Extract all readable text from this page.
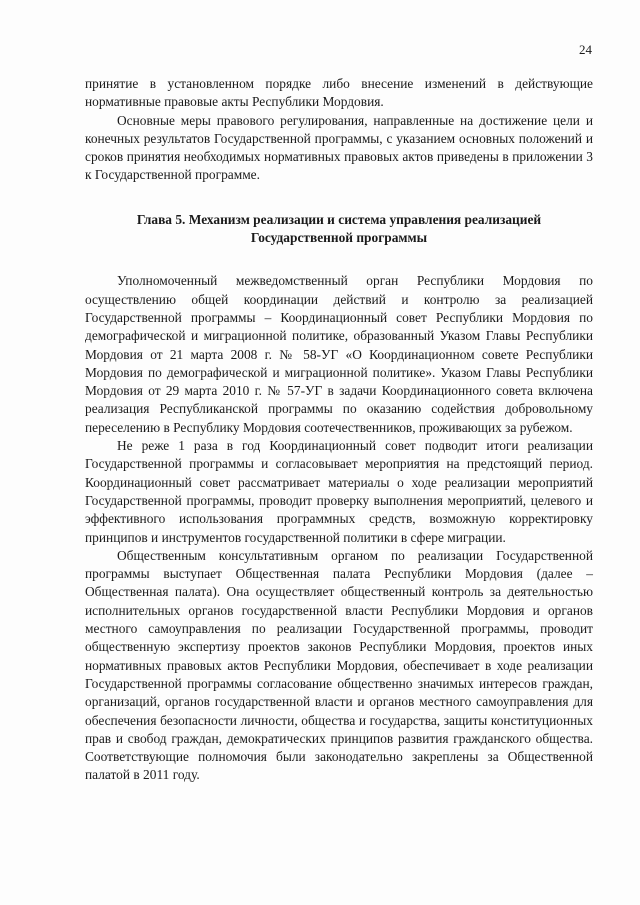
24

принятие в установленном порядке либо внесение изменений в действующие нормативные правовые акты Республики Мордовия.

Основные меры правового регулирования, направленные на достижение цели и конечных результатов Государственной программы, с указанием основных положений и сроков принятия необходимых нормативных правовых актов приведены в приложении 3 к Государственной программе.

Глава 5. Механизм реализации и система управления реализацией
Государственной программы

Уполномоченный межведомственный орган Республики Мордовия по осуществлению общей координации действий и контролю за реализацией Государственной программы – Координационный совет Республики Мордовия по демографической и миграционной политике, образованный Указом Главы Республики Мордовия от 21 марта 2008 г. № 58-УГ «О Координационном совете Республики Мордовия по демографической и миграционной политике». Указом Главы Республики Мордовия от 29 марта 2010 г. № 57-УГ в задачи Координационного совета включена реализация Республиканской программы по оказанию содействия добровольному переселению в Республику Мордовия соотечественников, проживающих за рубежом.

Не реже 1 раза в год Координационный совет подводит итоги реализации Государственной программы и согласовывает мероприятия на предстоящий период. Координационный совет рассматривает материалы о ходе реализации мероприятий Государственной программы, проводит проверку выполнения мероприятий, целевого и эффективного использования программных средств, возможную корректировку принципов и инструментов государственной политики в сфере миграции.

Общественным консультативным органом по реализации Государственной программы выступает Общественная палата Республики Мордовия (далее – Общественная палата). Она осуществляет общественный контроль за деятельностью исполнительных органов государственной власти Республики Мордовия и органов местного самоуправления по реализации Государственной программы, проводит общественную экспертизу проектов законов Республики Мордовия, проектов иных нормативных правовых актов Республики Мордовия, обеспечивает в ходе реализации Государственной программы согласование общественно значимых интересов граждан, организаций, органов государственной власти и органов местного самоуправления для обеспечения безопасности личности, общества и государства, защиты конституционных прав и свобод граждан, демократических принципов развития гражданского общества. Соответствующие полномочия были законодательно закреплены за Общественной палатой в 2011 году.
